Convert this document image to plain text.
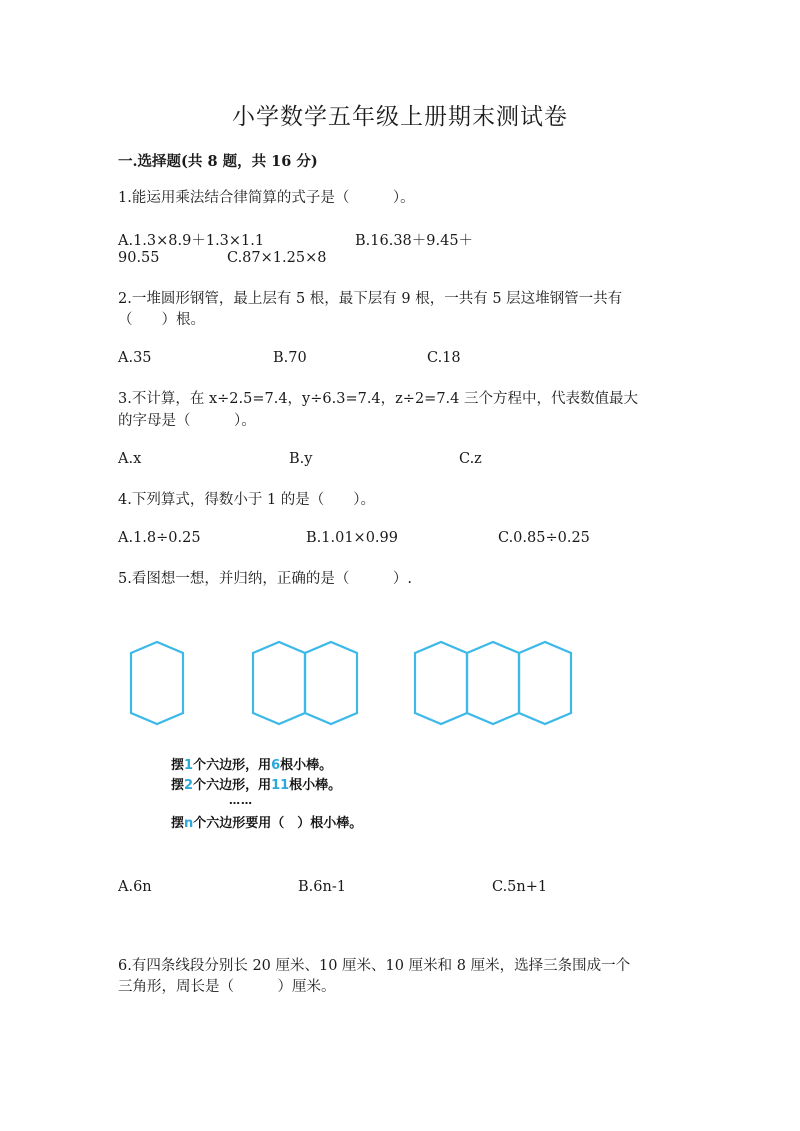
小学数学五年级上册期末测试卷
一.选择题(共 8 题，共 16 分)
1.能运用乘法结合律简算的式子是（　　　）。
A.1.3×8.9＋1.3×1.1	B.16.38＋9.45＋
90.55	C.87×1.25×8
2.一堆圆形钢管，最上层有 5 根，最下层有 9 根，一共有 5 层这堆钢管一共有
（　　）根。
A.35	B.70	C.18
3.不计算，在 x÷2.5=7.4，y÷6.3=7.4，z÷2=7.4 三个方程中，代表数值最大
的字母是（　　　）。
A.x	B.y	C.z
4.下列算式，得数小于 1 的是（　　）。
A.1.8÷0.25	B.1.01×0.99	C.0.85÷0.25
5.看图想一想，并归纳，正确的是（　　　）.
摆1个六边形，用6根小棒。
摆2个六边形，用11根小棒。
……
摆n个六边形要用（　）根小棒。
A.6n	B.6n-1	C.5n+1
6.有四条线段分别长 20 厘米、10 厘米、10 厘米和 8 厘米，选择三条围成一个
三角形，周长是（　　　）厘米。
